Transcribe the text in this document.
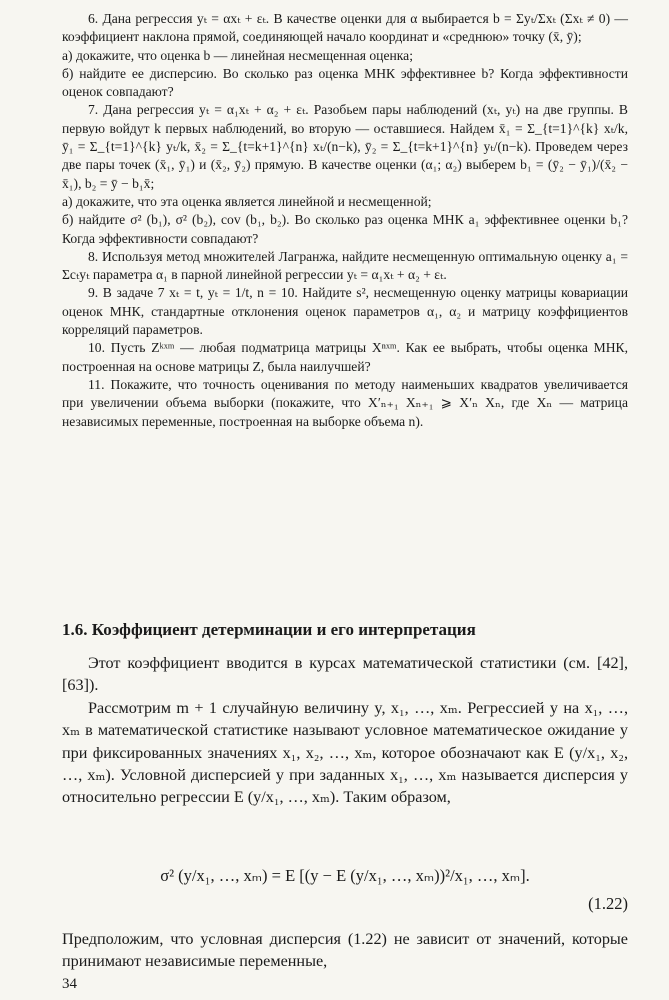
6. Дана регрессия yₜ = αxₜ + εₜ. В качестве оценки для α выбирается b = Σyₜ/Σxₜ (Σxₜ ≠ 0) — коэффициент наклона прямой, соединяющей начало координат и «среднюю» точку (x̄, ȳ);

а) докажите, что оценка b — линейная несмещенная оценка;

б) найдите ее дисперсию. Во сколько раз оценка МНК эффективнее b? Когда эффективности оценок совпадают?

7. Дана регрессия yₜ = α₁xₜ + α₂ + εₜ. Разобьем пары наблюдений (xₜ, yₜ) на две группы. В первую войдут k первых наблюдений, во вторую — оставшиеся. Найдем x̄₁ = Σ_{t=1}^{k} xₜ/k, ȳ₁ = Σ_{t=1}^{k} yₜ/k, x̄₂ = Σ_{t=k+1}^{n} xₜ/(n−k), ȳ₂ = Σ_{t=k+1}^{n} yₜ/(n−k). Проведем через две пары точек (x̄₁, ȳ₁) и (x̄₂, ȳ₂) прямую. В качестве оценки (α₁; α₂) выберем b₁ = (ȳ₂ − ȳ₁)/(x̄₂ − x̄₁), b₂ = ȳ − b₁x̄;

а) докажите, что эта оценка является линейной и несмещенной;

б) найдите σ² (b₁), σ² (b₂), cov (b₁, b₂). Во сколько раз оценка МНК a₁ эффективнее оценки b₁? Когда эффективности совпадают?

8. Используя метод множителей Лагранжа, найдите несмещенную оптимальную оценку a₁ = Σcₜyₜ параметра α₁ в парной линейной регрессии yₜ = α₁xₜ + α₂ + εₜ.

9. В задаче 7 xₜ = t, yₜ = 1/t, n = 10. Найдите s², несмещенную оценку матрицы ковариации оценок МНК, стандартные отклонения оценок параметров α₁, α₂ и матрицу коэффициентов корреляций параметров.

10. Пусть Zᵏˣᵐ — любая подматрица матрицы Xⁿˣᵐ. Как ее выбрать, чтобы оценка МНК, построенная на основе матрицы Z, была наилучшей?

11. Покажите, что точность оценивания по методу наименьших квадратов увеличивается при увеличении объема выборки (покажите, что X′ₙ₊₁ Xₙ₊₁ ⩾ X′ₙ Xₙ, где Xₙ — матрица независимых переменные, построенная на выборке объема n).

1.6. Коэффициент детерминации и его интерпретация

Этот коэффициент вводится в курсах математической статистики (см. [42], [63]).

Рассмотрим m + 1 случайную величину y, x₁, …, xₘ. Регрессией y на x₁, …, xₘ в математической статистике называют условное математическое ожидание y при фиксированных значениях x₁, x₂, …, xₘ, которое обозначают как E (y/x₁, x₂, …, xₘ). Условной дисперсией y при заданных x₁, …, xₘ называется дисперсия y относительно регрессии E (y/x₁, …, xₘ). Таким образом,

σ² (y/x₁, …, xₘ) = E [(y − E (y/x₁, …, xₘ))²/x₁, …, xₘ].
(1.22)

Предположим, что условная дисперсия (1.22) не зависит от значений, которые принимают независимые переменные,

34
